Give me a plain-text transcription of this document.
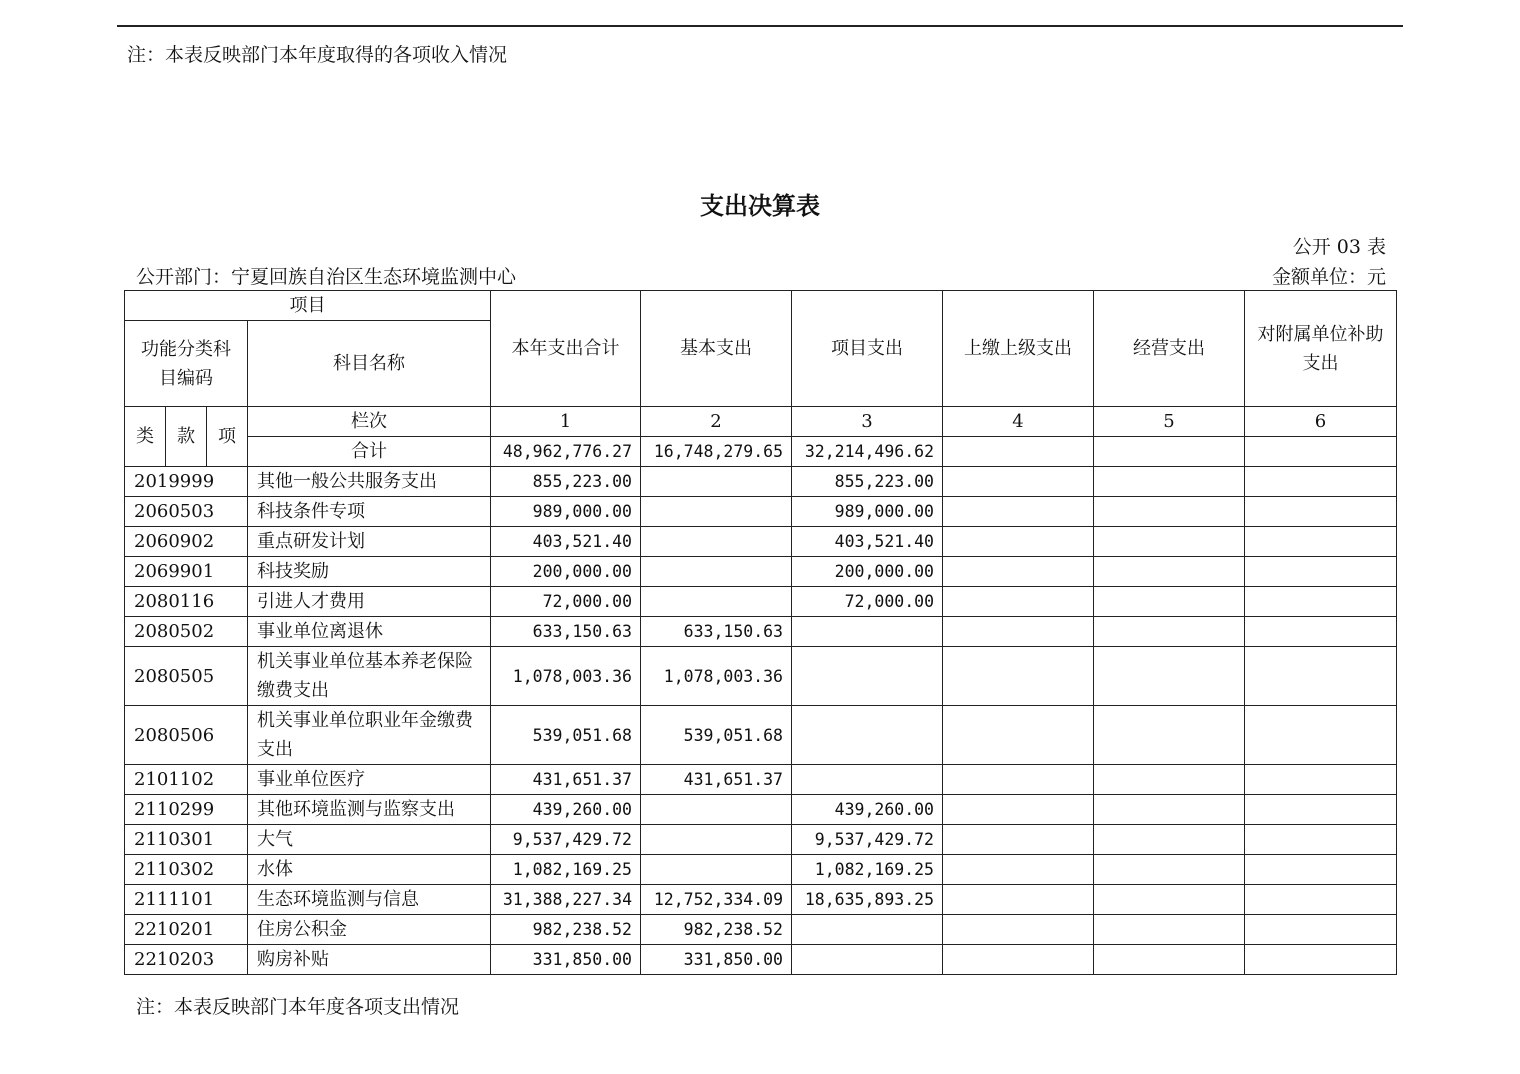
注：本表反映部门本年度取得的各项收入情况
支出决算表
公开 03 表
公开部门：宁夏回族自治区生态环境监测中心	金额单位：元
项目				本年支出合计	基本支出	项目支出	上缴上级支出	经营支出	对附属单位补助支出
功能分类科目编码			科目名称						
类	款	项	栏次	1	2	3	4	5	6
			合计	48,962,776.27	16,748,279.65	32,214,496.62			
2019999			其他一般公共服务支出	855,223.00		855,223.00			
2060503			科技条件专项	989,000.00		989,000.00			
2060902			重点研发计划	403,521.40		403,521.40			
2069901			科技奖励	200,000.00		200,000.00			
2080116			引进人才费用	72,000.00		72,000.00			
2080502			事业单位离退休	633,150.63	633,150.63				
2080505			机关事业单位基本养老保险缴费支出	1,078,003.36	1,078,003.36				
2080506			机关事业单位职业年金缴费支出	539,051.68	539,051.68				
2101102			事业单位医疗	431,651.37	431,651.37				
2110299			其他环境监测与监察支出	439,260.00		439,260.00			
2110301			大气	9,537,429.72		9,537,429.72			
2110302			水体	1,082,169.25		1,082,169.25			
2111101			生态环境监测与信息	31,388,227.34	12,752,334.09	18,635,893.25			
2210201			住房公积金	982,238.52	982,238.52				
2210203			购房补贴	331,850.00	331,850.00				
注：本表反映部门本年度各项支出情况
